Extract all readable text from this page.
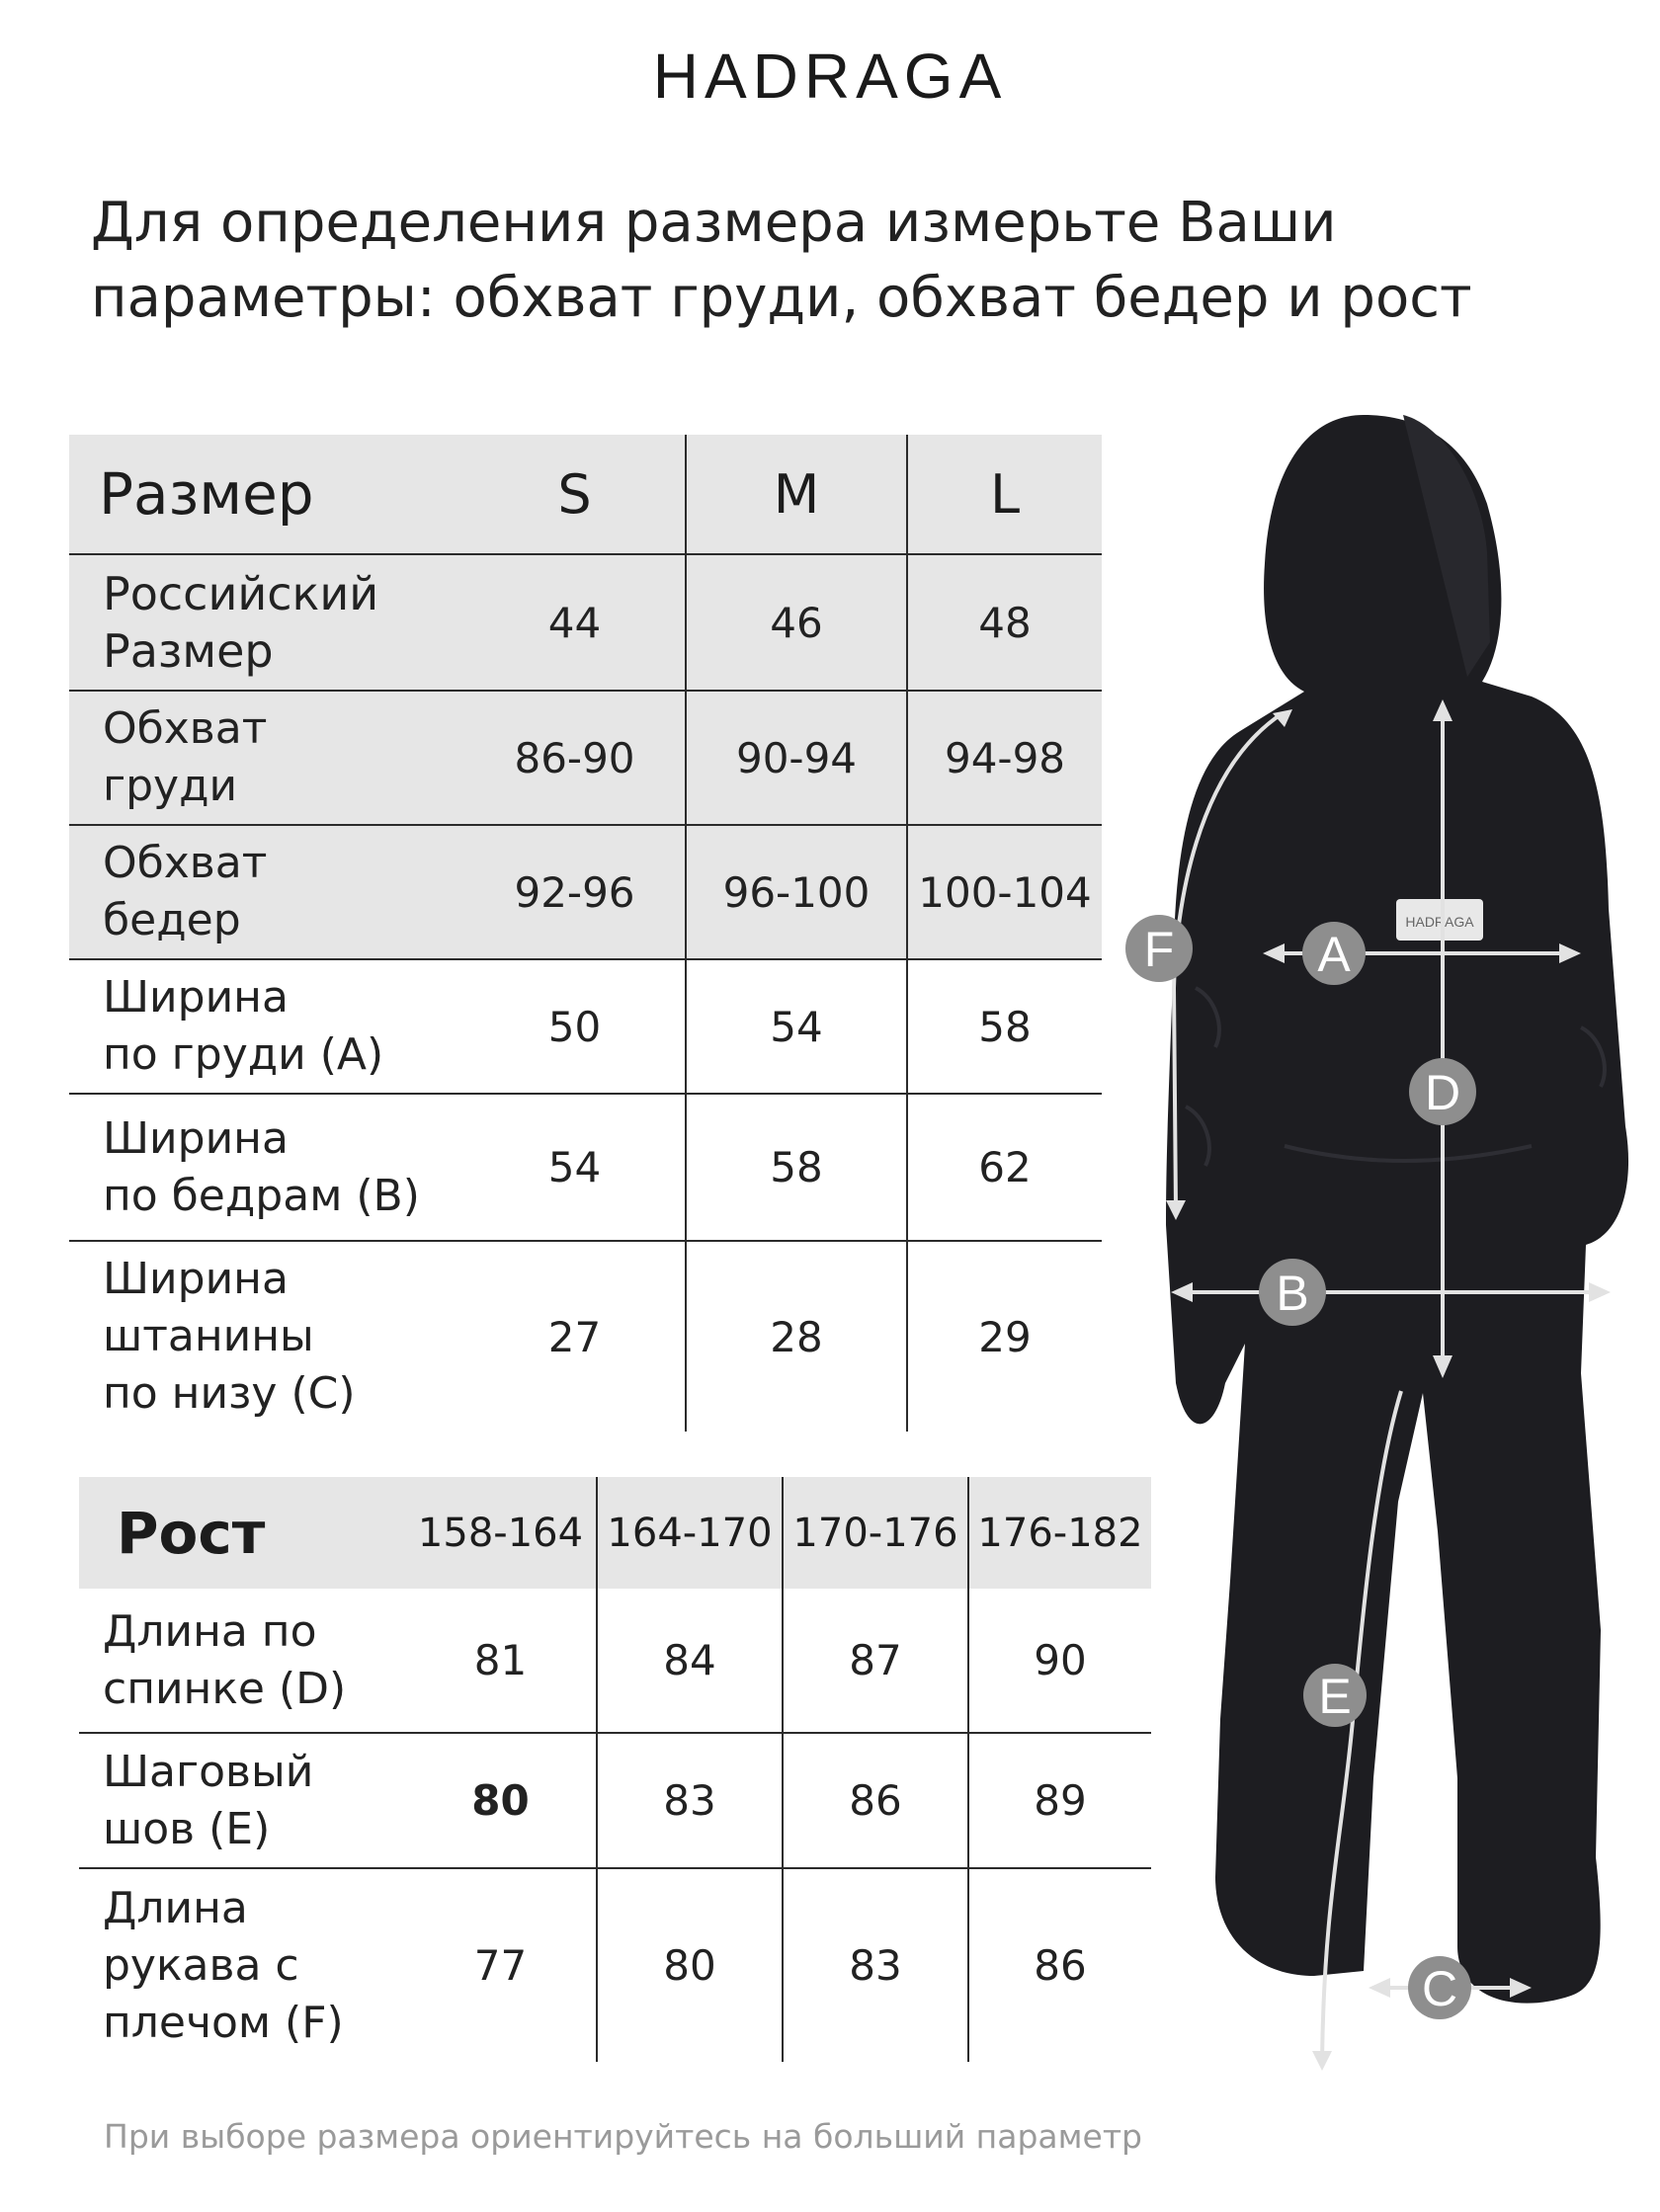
HADRAGA
Для определения размера измерьте Ваши
параметры: обхват груди, обхват бедер и рост
Размер	S	M	L

Российский
Размер	44	46	48

Обхват
груди	86-90	90-94	94-98

Обхват
бедер	92-96	96-100	100-104

Ширина
по груди (A)	50	54	58

Ширина
по бедрам (B)	54	58	62

Ширина
штанины
по низу (C)	27	28	29
Рост	158-164	164-170	170-176	176-182

Длина по
спинке (D)	81	84	87	90

Шаговый
шов (E)	80	83	86	89

Длина
рукава с
плечом (F)	77	80	83	86
HADRAGA
A
B
C
D
E
F
При выборе размера ориентируйтесь на больший параметр
